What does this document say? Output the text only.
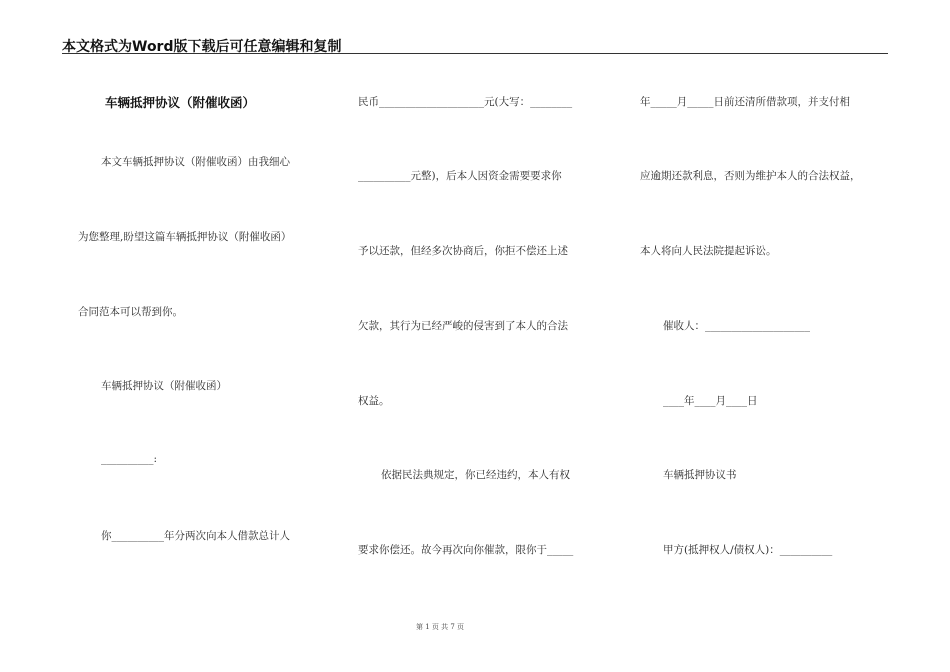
本文格式为Word版下载后可任意编辑和复制
车辆抵押协议（附催收函）
本文车辆抵押协议（附催收函）由我细心
为您整理,盼望这篇车辆抵押协议（附催收函）
合同范本可以帮到你。
车辆抵押协议（附催收函）
__________:
你__________年分两次向本人借款总计人
民币____________________元(大写：________
__________元整)，后本人因资金需要要求你
予以还款，但经多次协商后，你拒不偿还上述
欠款，其行为已经严峻的侵害到了本人的合法
权益。
依据民法典规定，你已经违约，本人有权
要求你偿还。故今再次向你催款，限你于_____
年_____月_____日前还清所借款项，并支付相
应逾期还款利息，否则为维护本人的合法权益，
本人将向人民法院提起诉讼。
催收人：____________________
____年____月____日
车辆抵押协议书
甲方(抵押权人/债权人)：__________
第 1 页 共 7 页
